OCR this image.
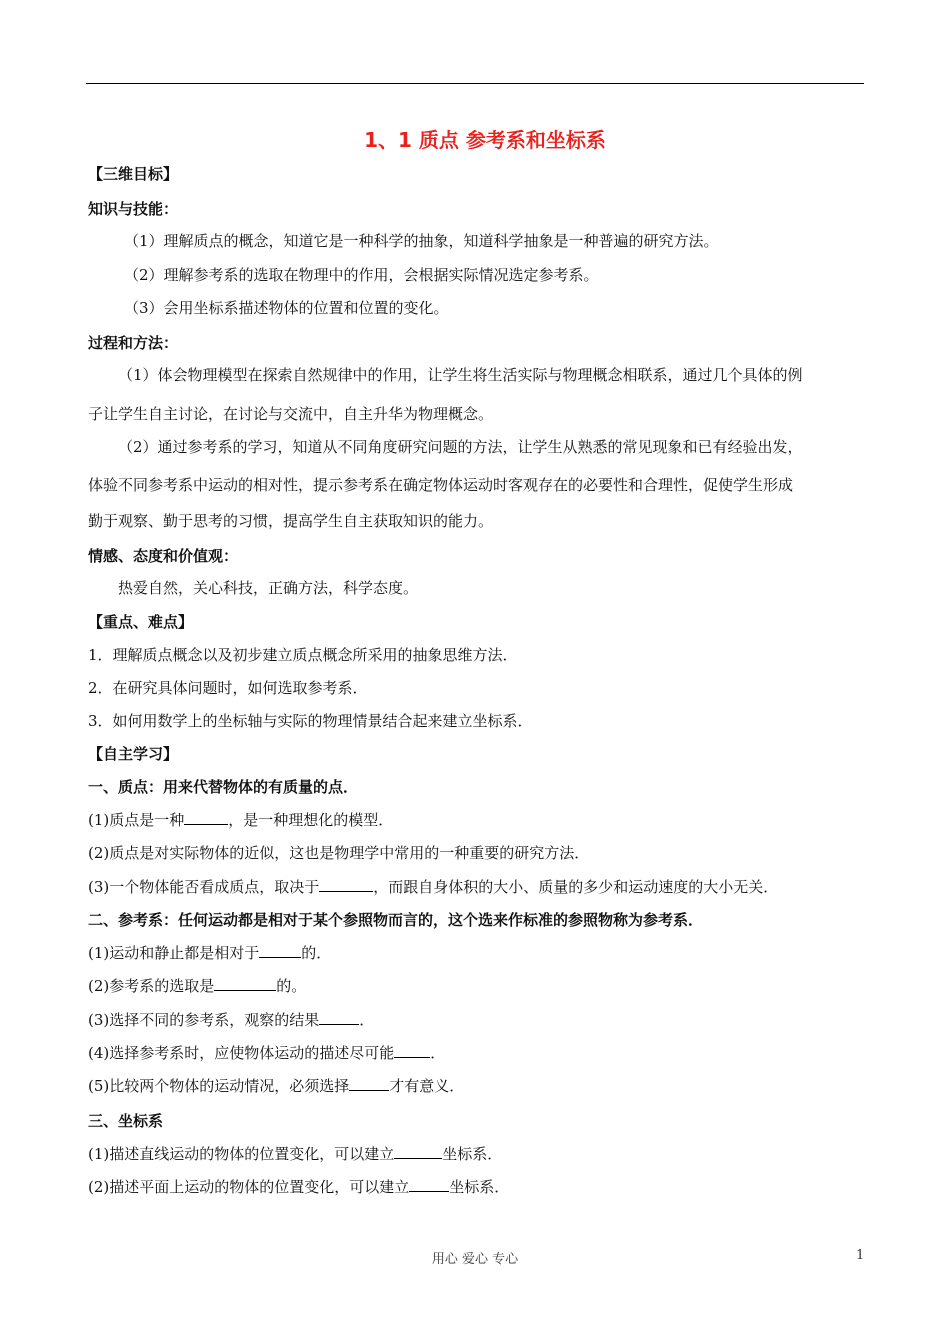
1、1 质点 参考系和坐标系
【三维目标】
知识与技能：
（1）理解质点的概念，知道它是一种科学的抽象，知道科学抽象是一种普遍的研究方法。
（2）理解参考系的选取在物理中的作用，会根据实际情况选定参考系。
（3）会用坐标系描述物体的位置和位置的变化。
过程和方法：
（1）体会物理模型在探索自然规律中的作用，让学生将生活实际与物理概念相联系，通过几个具体的例
子让学生自主讨论，在讨论与交流中，自主升华为物理概念。
（2）通过参考系的学习，知道从不同角度研究问题的方法，让学生从熟悉的常见现象和已有经验出发，
体验不同参考系中运动的相对性，提示参考系在确定物体运动时客观存在的必要性和合理性，促使学生形成
勤于观察、勤于思考的习惯，提高学生自主获取知识的能力。
情感、态度和价值观：
热爱自然，关心科技，正确方法，科学态度。
【重点、难点】
1．理解质点概念以及初步建立质点概念所采用的抽象思维方法．
2．在研究具体问题时，如何选取参考系．
3．如何用数学上的坐标轴与实际的物理情景结合起来建立坐标系．
【自主学习】
一、质点：用来代替物体的有质量的点．
(1)质点是一种	，是一种理想化的模型．
(2)质点是对实际物体的近似，这也是物理学中常用的一种重要的研究方法．
(3)一个物体能否看成质点，取决于	，而跟自身体积的大小、质量的多少和运动速度的大小无关．
二、参考系：任何运动都是相对于某个参照物而言的，这个选来作标准的参照物称为参考系．
(1)运动和静止都是相对于	的．
(2)参考系的选取是	的。
(3)选择不同的参考系，观察的结果	．
(4)选择参考系时，应使物体运动的描述尽可能 ．
(5)比较两个物体的运动情况，必须选择	才有意义．
三、坐标系
(1)描述直线运动的物体的位置变化，可以建立	坐标系．
(2)描述平面上运动的物体的位置变化，可以建立	坐标系．
用心 爱心 专心	1
